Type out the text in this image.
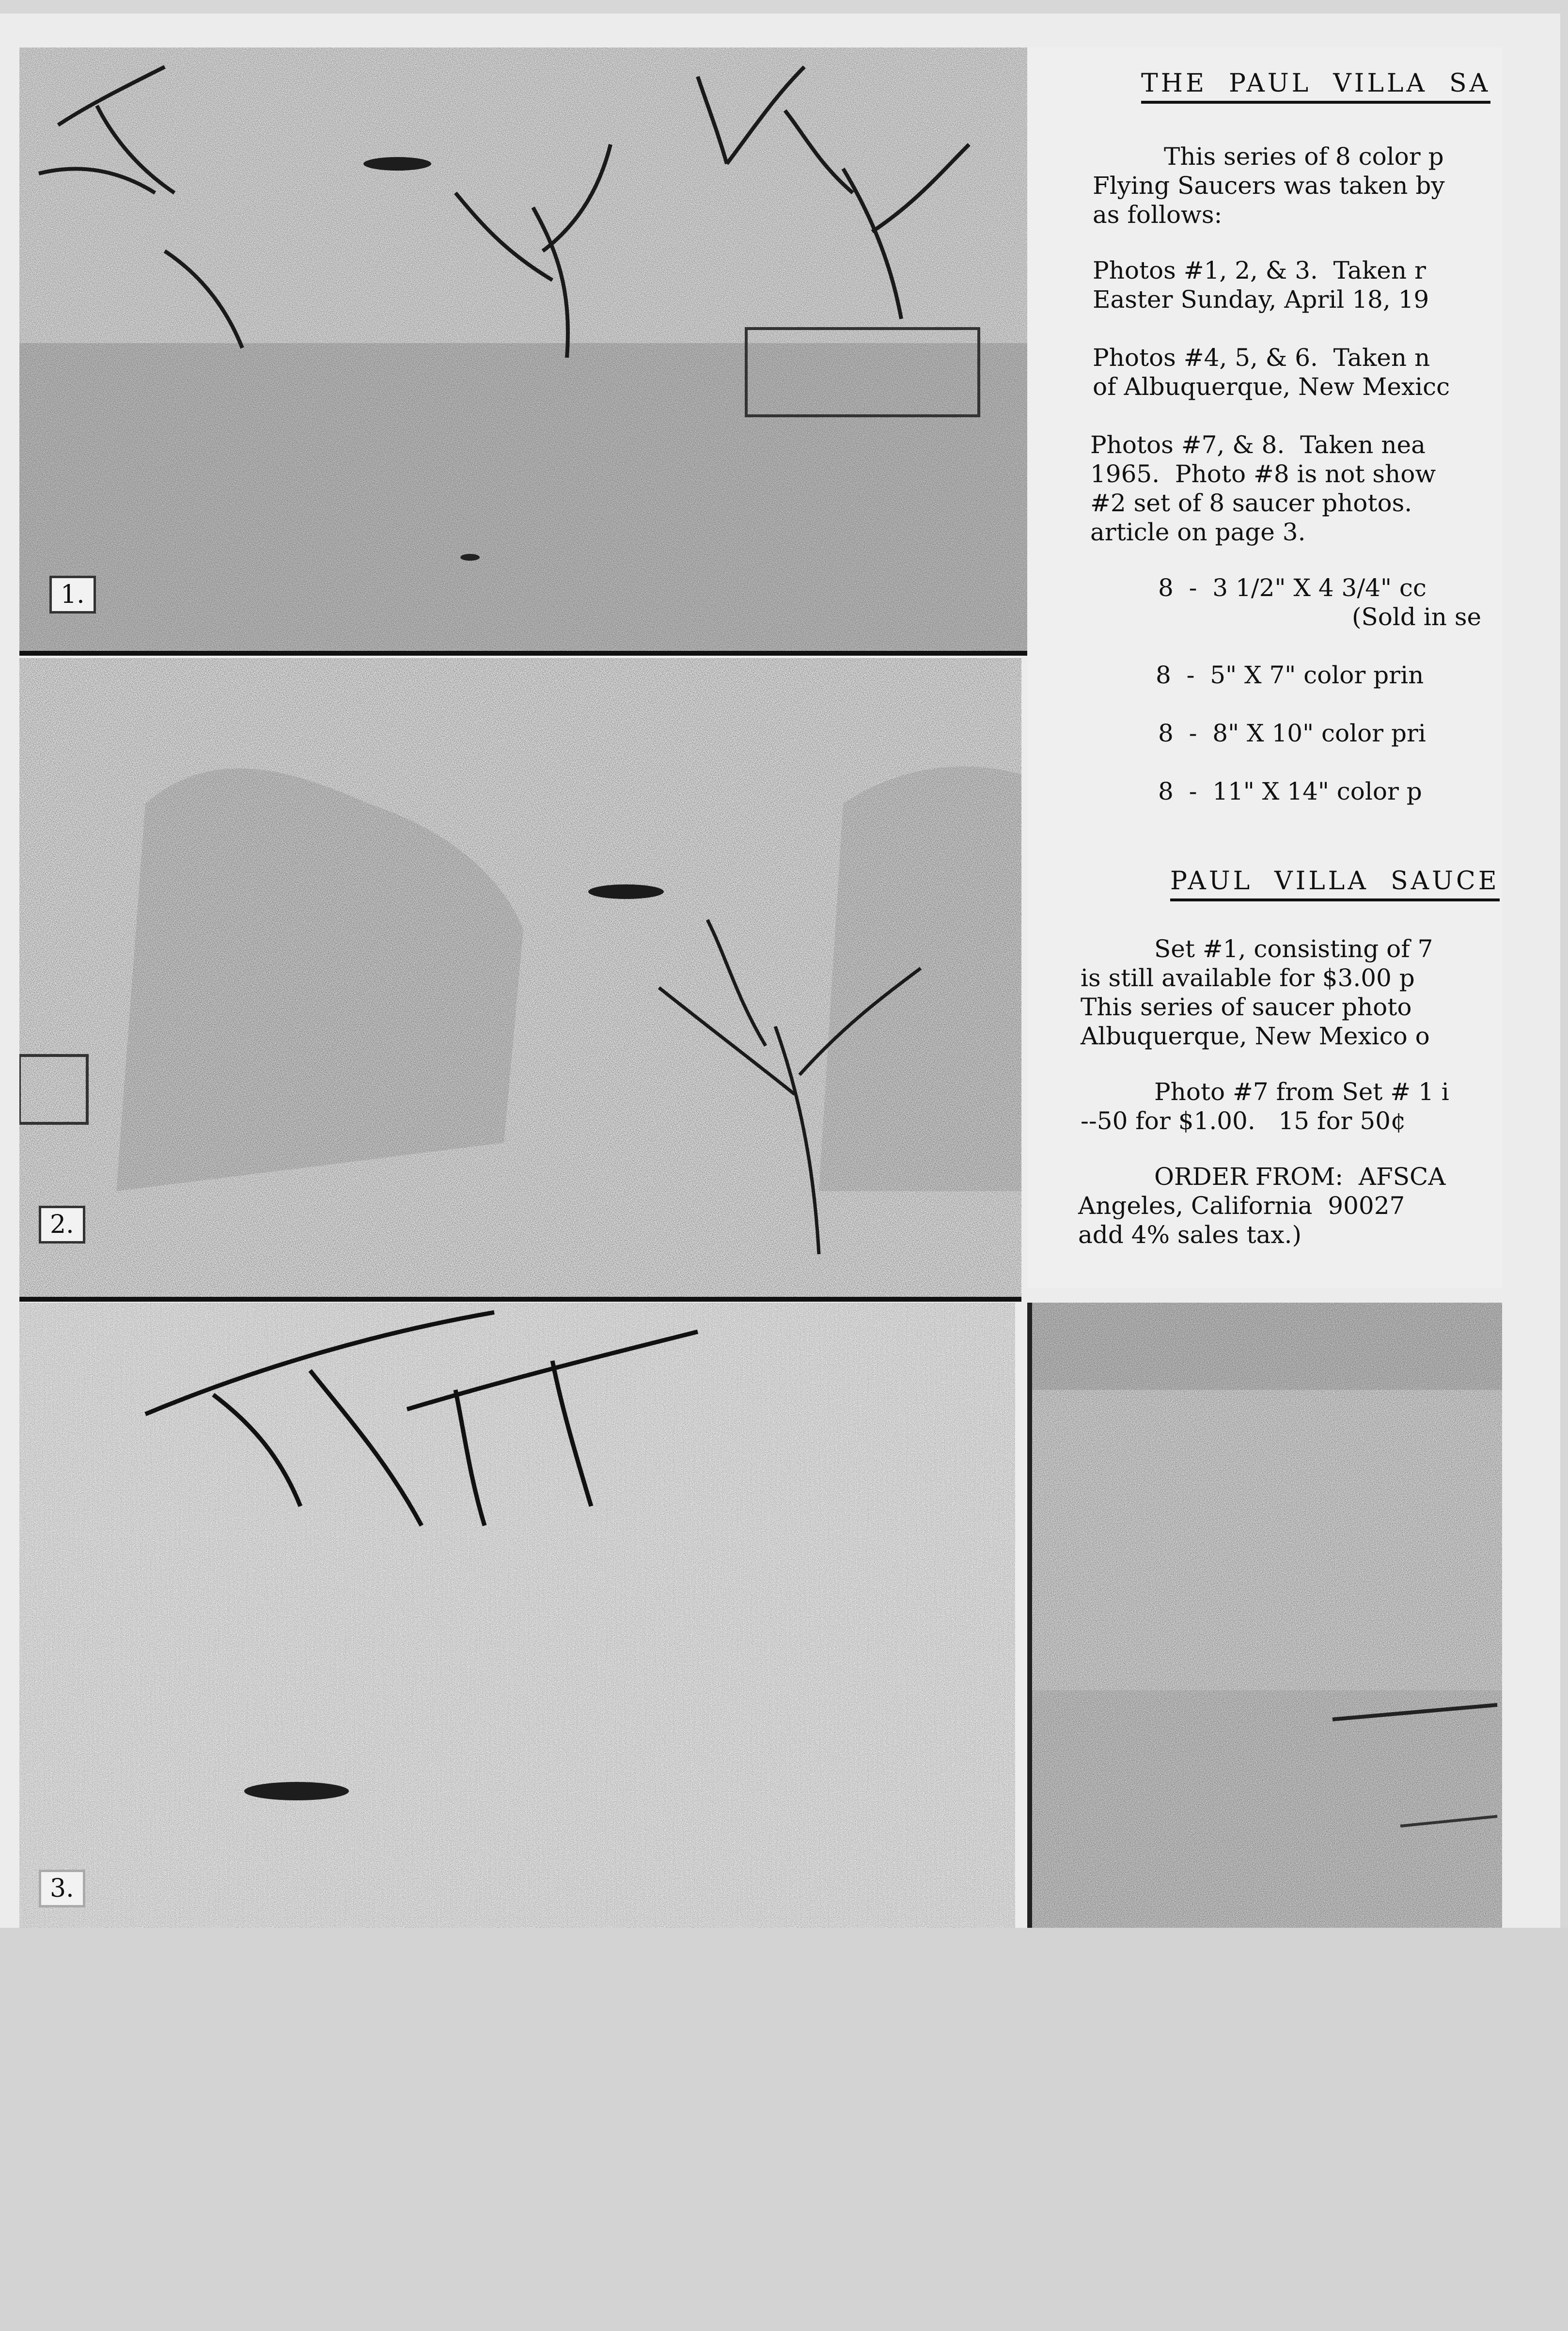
1.
2.
3.

THE  PAUL  VILLA  SA

This series of 8 color p

Flying Saucers was taken by

as follows:

Photos #1, 2, & 3.  Taken r

Easter Sunday, April 18, 19

Photos #4, 5, & 6.  Taken n

of Albuquerque, New Mexicc

Photos #7, & 8.  Taken nea

1965.  Photo #8 is not show

#2 set of 8 saucer photos.

article on page 3.

8  -  3 1/2" X 4 3/4" cc

(Sold in se

8  -  5" X 7" color prin

8  -  8" X 10" color pri

8  -  11" X 14" color p

PAUL  VILLA  SAUCE

Set #1, consisting of 7

is still available for $3.00 p

This series of saucer photo

Albuquerque, New Mexico o

Photo #7 from Set # 1 i

--50 for $1.00.   15 for 50¢

ORDER FROM:  AFSCA

Angeles, California  90027

add 4% sales tax.)
